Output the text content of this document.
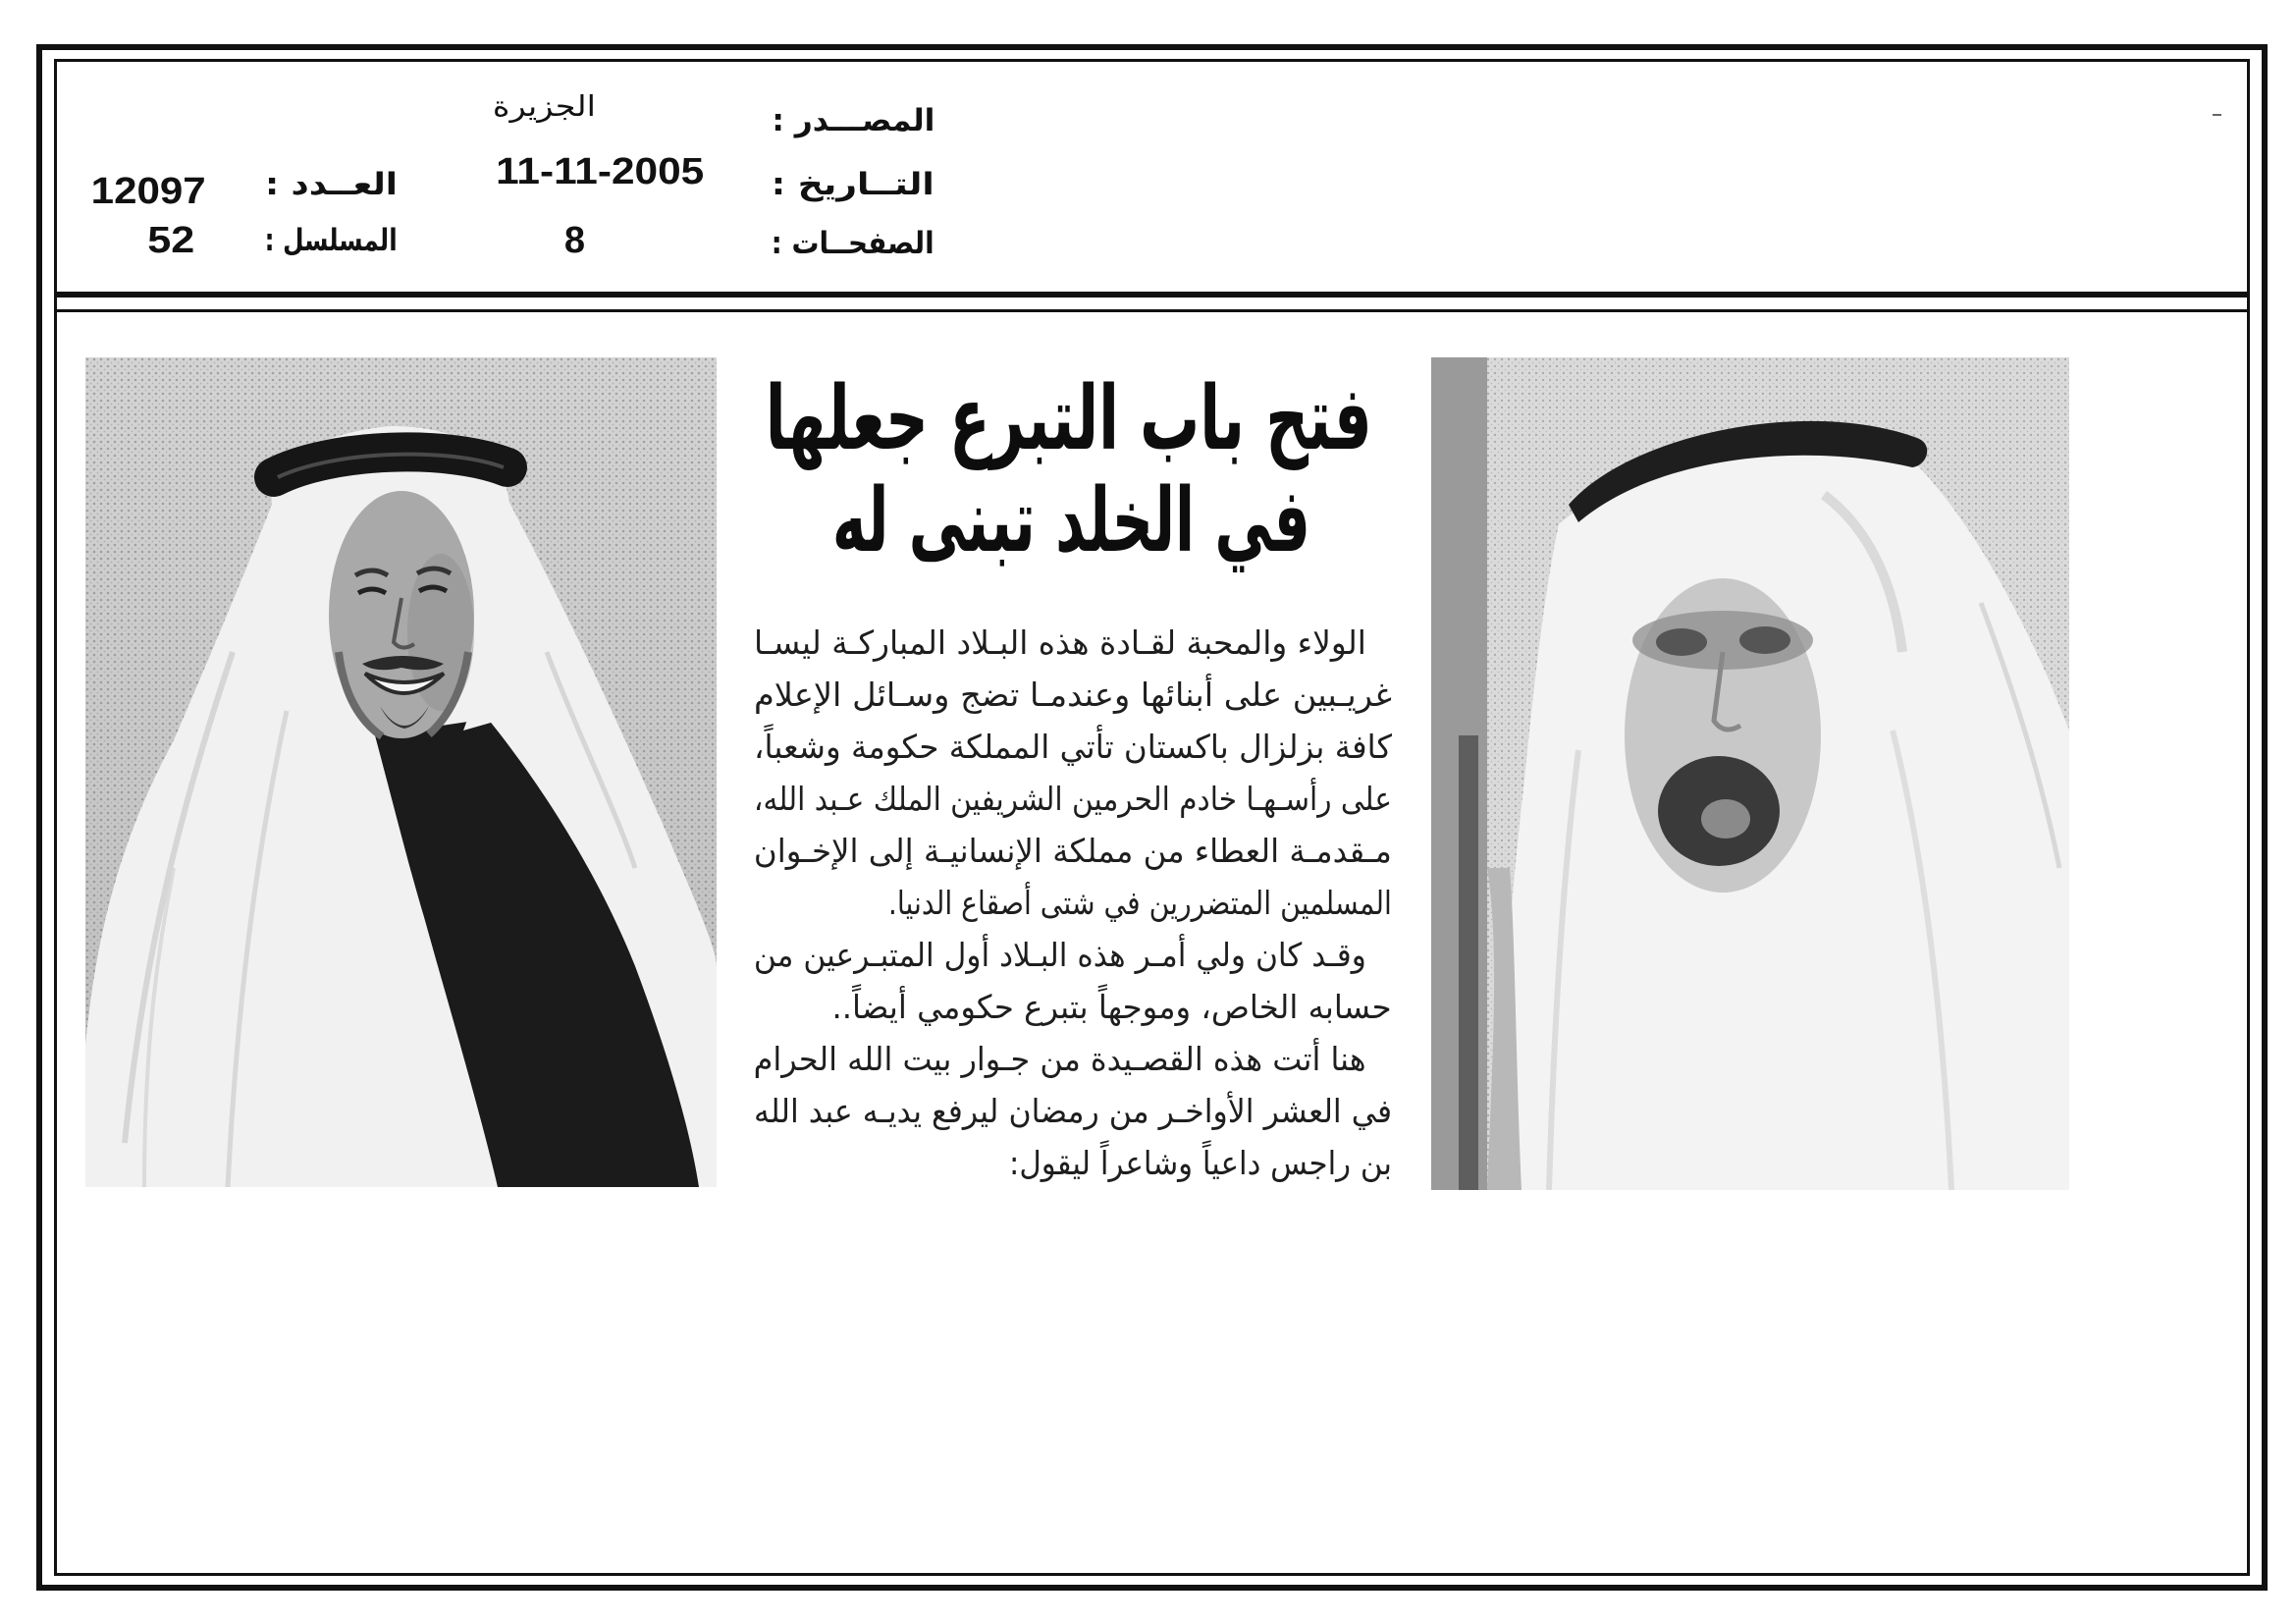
المصـــدر :
التــاريخ :
الصفحــات :
العــدد :
المسلسل :
الجزيرة
11-11-2005
8
12097
52
فتح باب التبرع جعلها
في الخلد تبنى له
الولاء والمحبة لقـادة هذه البـلاد المباركـة ليسـا
غريـبين على أبنائها وعندمـا تضج وسـائل الإعلام
كافة بزلزال باكستان تأتي المملكة حكومة وشعباً،
على رأسـهـا خادم الحرمين الشريفين الملك عـبد الله،
مـقدمـة العطاء من مملكة الإنسانيـة إلى الإخـوان
المسلمين المتضررين في شتى أصقاع الدنيا.
وقـد كان ولي أمـر هذه البـلاد أول المتبـرعين من
حسابه الخاص، وموجهاً بتبرع حكومي أيضاً..
هنا أتت هذه القصـيدة من جـوار بيت الله الحرام
في العشر الأواخـر من رمضان ليرفع يديـه عبد الله
بن راجس داعياً وشاعراً ليقول:
